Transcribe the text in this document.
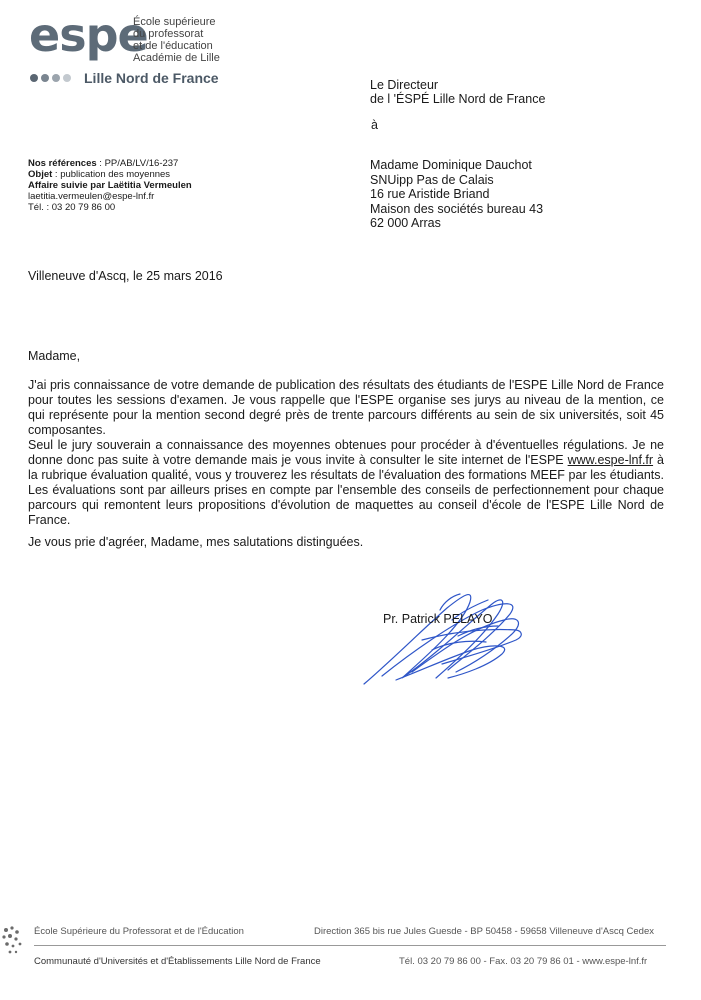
espe
École supérieure
du professorat
et de l'éducation
Académie de Lille
Lille Nord de France	Le Directeur
de l 'ÉSPÉ Lille Nord de France
à
Nos références : PP/AB/LV/16-237
Objet : publication des moyennes
Affaire suivie par Laëtitia Vermeulen
laetitia.vermeulen@espe-lnf.fr
Tél. : 03 20 79 86 00
Madame Dominique Dauchot
SNUipp Pas de Calais
16 rue Aristide Briand
Maison des sociétés bureau 43
62 000 Arras
Villeneuve d'Ascq, le 25 mars 2016
Madame,

J'ai pris connaissance de votre demande de publication des résultats des étudiants de l'ESPE Lille Nord de France pour toutes les sessions d'examen. Je vous rappelle que l'ESPE organise ses jurys au niveau de la mention, ce qui représente pour la mention second degré près de trente parcours différents au sein de six universités, soit 45 composantes.

Seul le jury souverain a connaissance des moyennes obtenues pour procéder à d'éventuelles régulations. Je ne donne donc pas suite à votre demande mais je vous invite à consulter le site internet de l'ESPE www.espe-lnf.fr à la rubrique évaluation qualité, vous y trouverez les résultats de l'évaluation des formations MEEF par les étudiants. Les évaluations sont par ailleurs prises en compte par l'ensemble des conseils de perfectionnement pour chaque parcours qui remontent leurs propositions d'évolution de maquettes au conseil d'école de l'ESPE Lille Nord de France.

Je vous prie d'agréer, Madame, mes salutations distinguées.
Pr. Patrick PELAYO
École Supérieure du Professorat et de l'Éducation	Direction 365 bis rue Jules Guesde - BP 50458 - 59658 Villeneuve d'Ascq Cedex
Communauté d'Universités et d'Établissements Lille Nord de France	Tél. 03 20 79 86 00 - Fax. 03 20 79 86 01 - www.espe-lnf.fr
